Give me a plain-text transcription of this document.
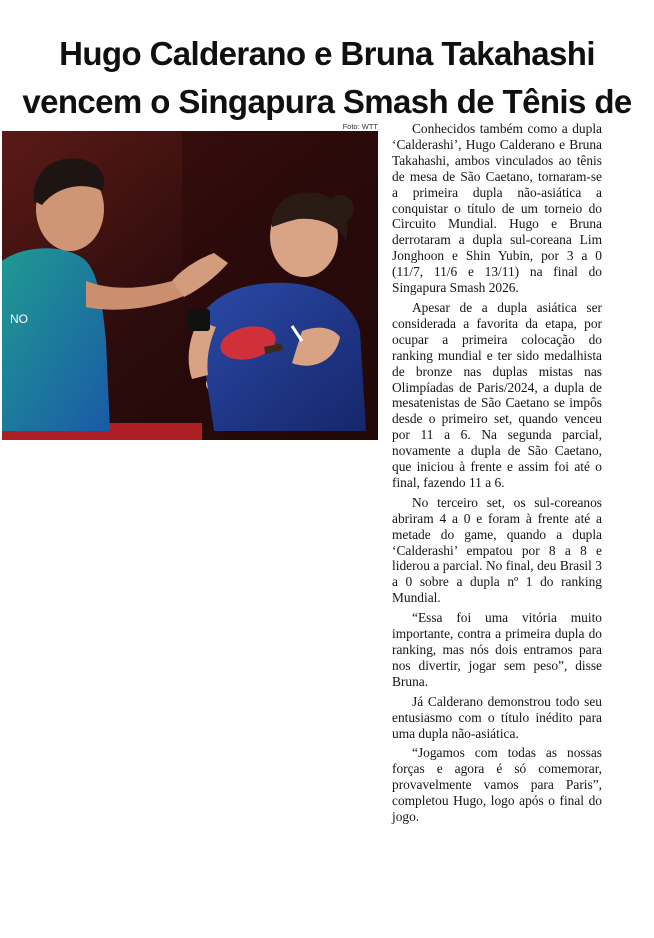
Hugo Calderano e Bruna Takahashi vencem o Singapura Smash de Tênis de
Foto: WTT
NO

Conhecidos também como a dupla ‘Calderashi’, Hugo Calderano e Bruna Takahashi, ambos vinculados ao tênis de mesa de São Caetano, tornaram-se a primeira dupla não-asiática a conquistar o título de um torneio do Circuito Mundial. Hugo e Bruna derrotaram a dupla sul-coreana Lim Jonghoon e Shin Yubin, por 3 a 0 (11/7, 11/6 e 13/11) na final do Singapura Smash 2026.

Apesar de a dupla asiática ser considerada a favorita da etapa, por ocupar a primeira colocação do ranking mundial e ter sido medalhista de bronze nas duplas mistas nas Olimpíadas de Paris/2024, a dupla de mesatenistas de São Caetano se impôs desde o primeiro set, quando venceu por 11 a 6. Na segunda parcial, novamente a dupla de São Caetano, que iniciou à frente e assim foi até o final, fazendo 11 a 6.

No terceiro set, os sul-coreanos abriram 4 a 0 e foram à frente até a metade do game, quando a dupla ‘Calderashi’ empatou por 8 a 8 e liderou a parcial. No final, deu Brasil 3 a 0 sobre a dupla nº 1 do ranking Mundial.

“Essa foi uma vitória muito importante, contra a primeira dupla do ranking, mas nós dois entramos para nos divertir, jogar sem peso”, disse Bruna.

Já Calderano demonstrou todo seu entusiasmo com o título inédito para uma dupla não-asiática.

“Jogamos com todas as nossas forças e agora é só comemorar, provavelmente vamos para Paris”, completou Hugo, logo após o final do jogo.
